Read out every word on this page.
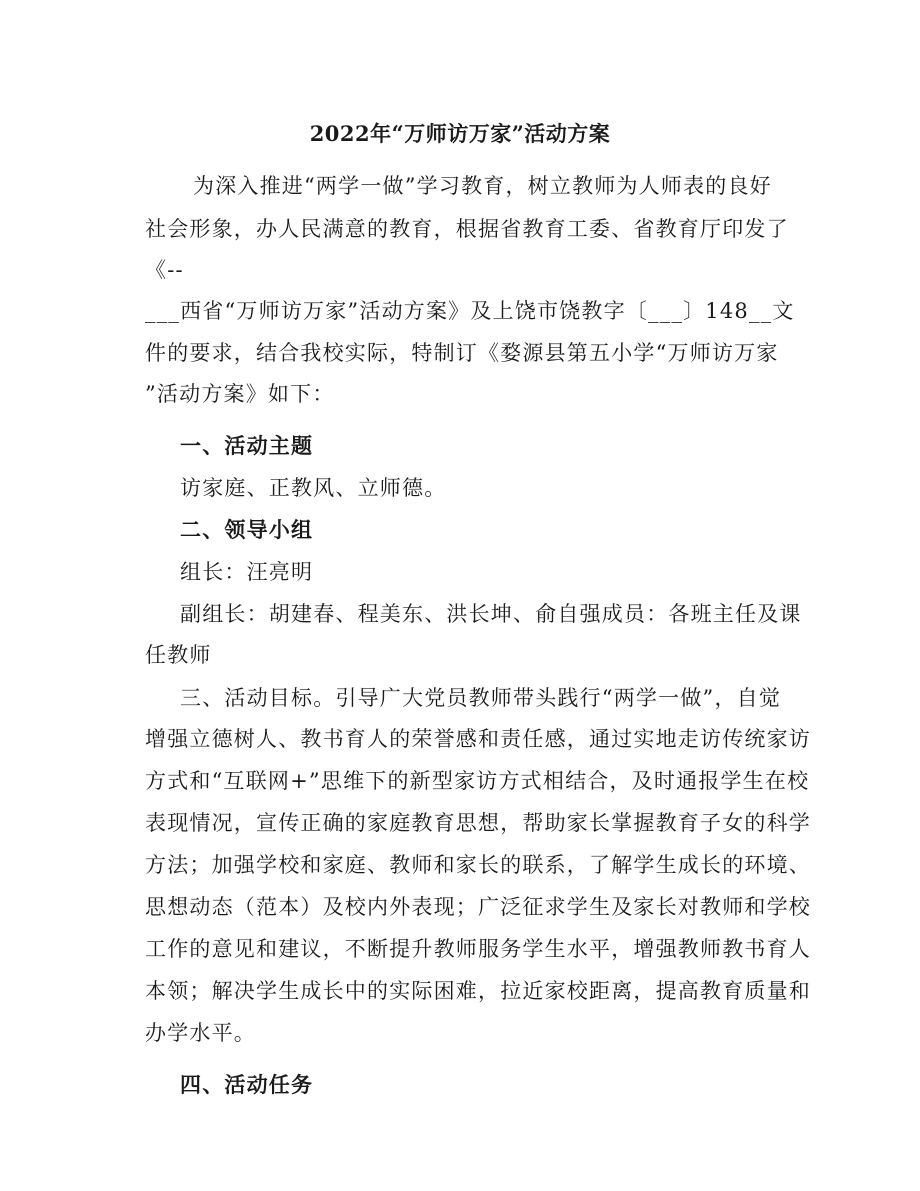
2022年“万师访万家”活动方案
为深入推进“两学一做”学习教育，树立教师为人师表的良好
社会形象，办人民满意的教育，根据省教育工委、省教育厅印发了
《--
___西省“万师访万家”活动方案》及上饶市饶教字〔___〕148__文
件的要求，结合我校实际，特制订《婺源县第五小学“万师访万家
”活动方案》如下：
一、活动主题
访家庭、正教风、立师德。
二、领导小组
组长：汪亮明
副组长：胡建春、程美东、洪长坤、俞自强成员：各班主任及课
任教师
三、活动目标。引导广大党员教师带头践行“两学一做”，自觉
增强立德树人、教书育人的荣誉感和责任感，通过实地走访传统家访
方式和“互联网+”思维下的新型家访方式相结合，及时通报学生在校
表现情况，宣传正确的家庭教育思想，帮助家长掌握教育子女的科学
方法；加强学校和家庭、教师和家长的联系，了解学生成长的环境、
思想动态（范本）及校内外表现；广泛征求学生及家长对教师和学校
工作的意见和建议，不断提升教师服务学生水平，增强教师教书育人
本领；解决学生成长中的实际困难，拉近家校距离，提高教育质量和
办学水平。
四、活动任务
